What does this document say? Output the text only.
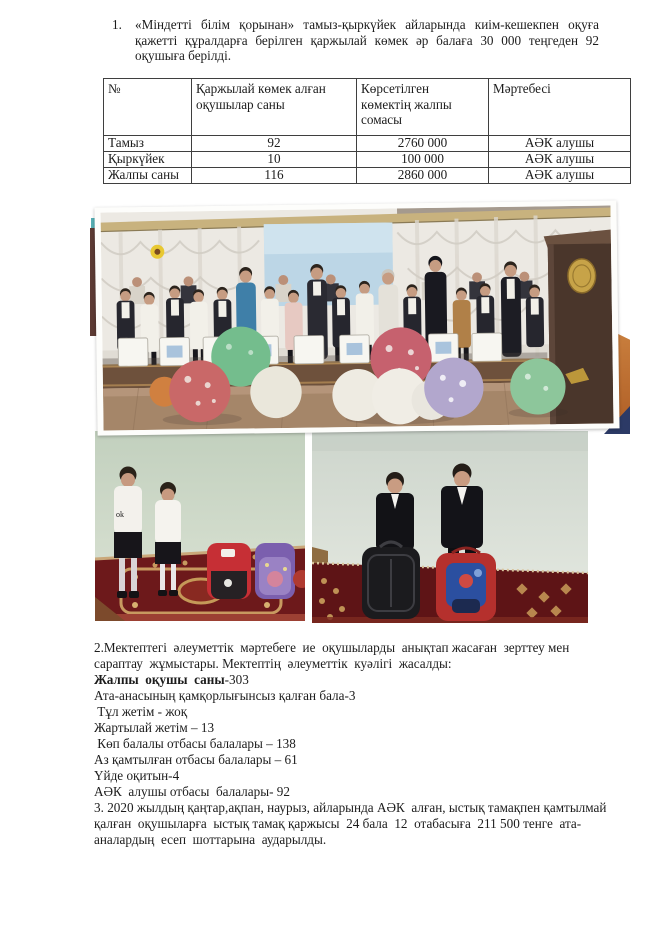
1. «Міндетті білім қорынан» тамыз-қыркүйек айларында киім-кешекпен оқуға қажетті құралдарға берілген қаржылай көмек әр балаға 30 000 теңгеден 92 оқушыға берілді.
№	Қаржылай көмек алған оқушылар саны	Көрсетілген көмектің жалпы сомасы	Мәртебесі
Тамыз	92	2760 000	АӘК алушы
Қыркүйек	10	100 000	АӘК алушы
Жалпы саны	116	2860 000	АӘК алушы
ok
2.Мектептегі  әлеуметтік  мәртебеге  ие  оқушыларды  анықтап жасаған  зерттеу мен сараптау  жұмыстары. Мектептің  әлеуметтік  куәлігі  жасалды:
Жалпы  оқушы  саны-303
Ата-анасының қамқорлығынсыз қалған бала-3
Тұл жетім - жоқ
Жартылай жетім – 13
Көп балалы отбасы балалары – 138
Аз қамтылған отбасы балалары – 61
Үйде оқитын-4
АӘК  алушы отбасы  балалары- 92
3. 2020 жылдың қаңтар,ақпан, наурыз, айларында АӘК  алған, ыстық тамақпен қамтылмай  қалған  оқушыларға  ыстық тамақ қаржысы  24 бала  12  отабасыға  211 500 тенге  ата-аналардың  есеп  шоттарына  аударылды.
